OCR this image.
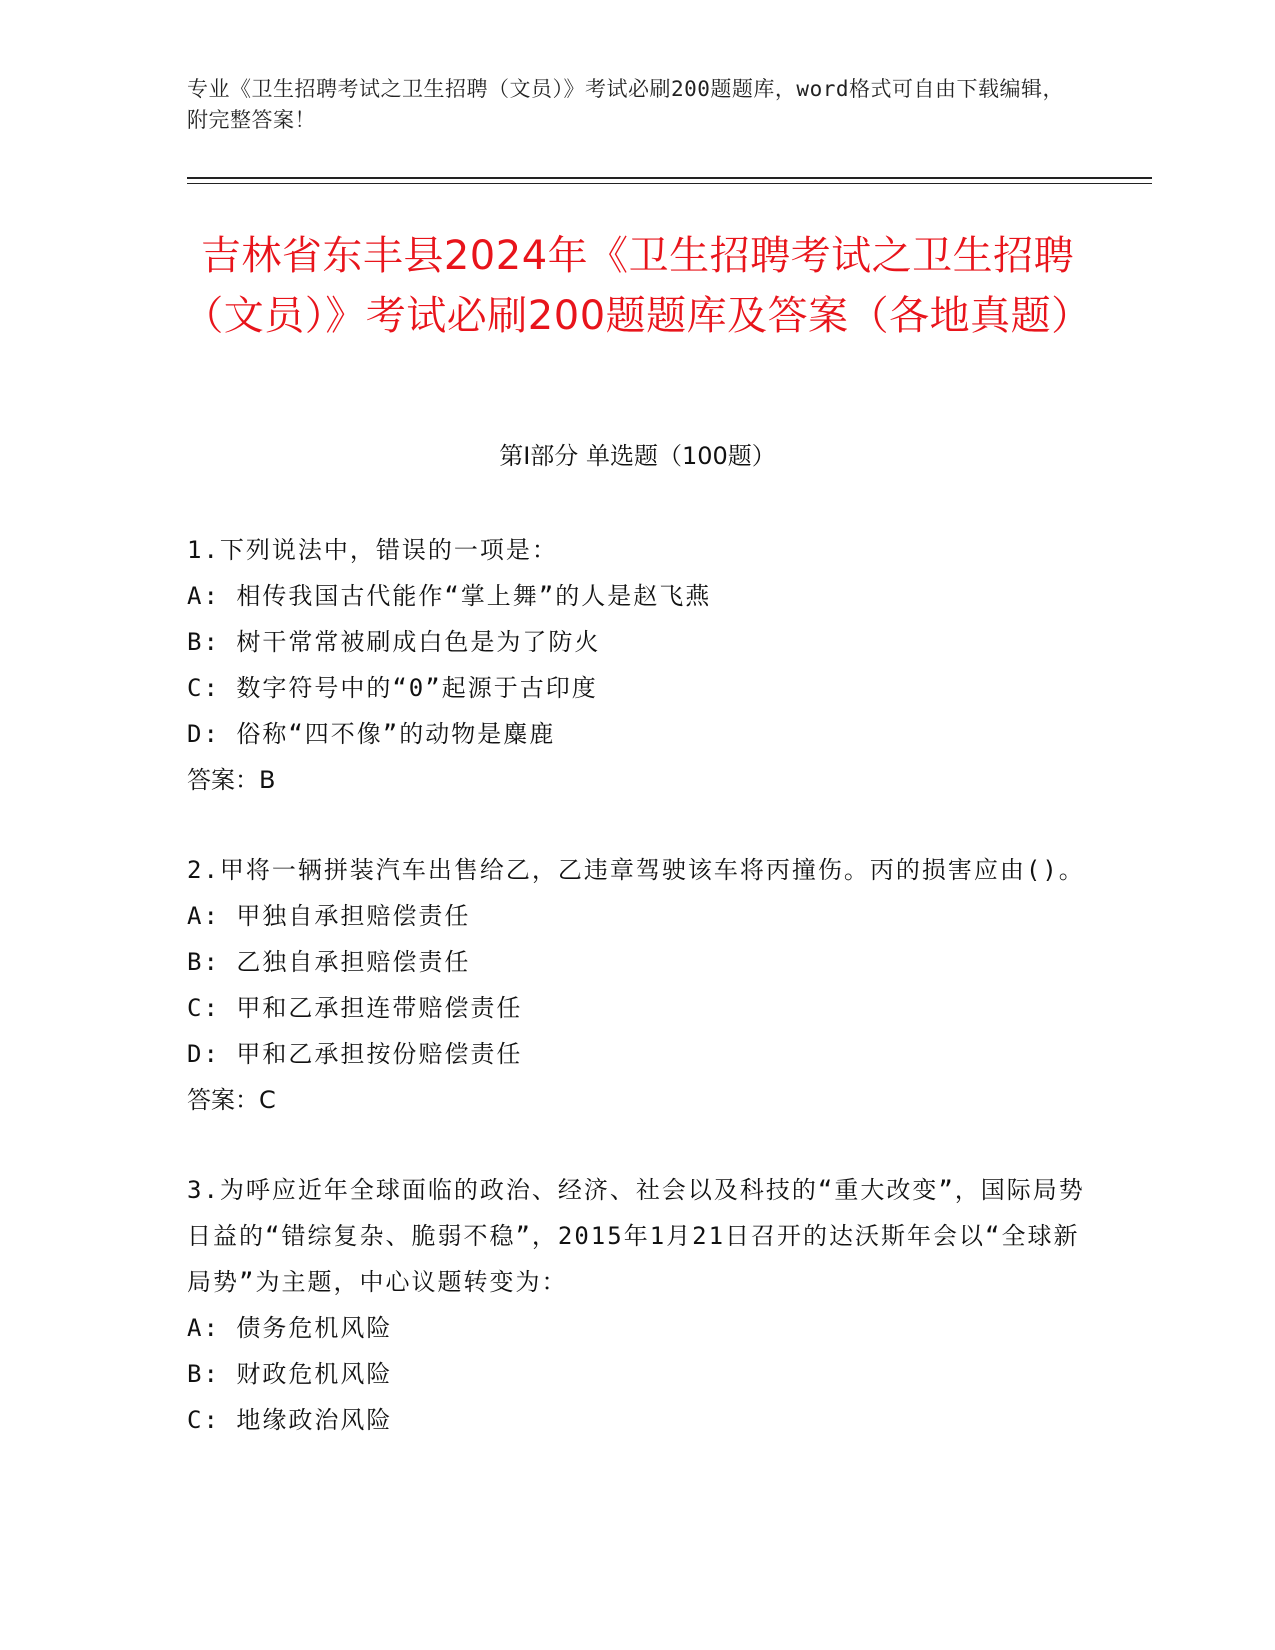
专业《卫生招聘考试之卫生招聘（文员）》考试必刷200题题库，word格式可自由下载编辑，附完整答案！
吉林省东丰县2024年《卫生招聘考试之卫生招聘（文员）》考试必刷200题题库及答案（各地真题）
第Ⅰ部分 单选题（100题）
1.下列说法中，错误的一项是：
A: 相传我国古代能作“掌上舞”的人是赵飞燕
B: 树干常常被刷成白色是为了防火
C: 数字符号中的“0”起源于古印度
D: 俗称“四不像”的动物是麋鹿
答案：B
2.甲将一辆拼装汽车出售给乙，乙违章驾驶该车将丙撞伤。丙的损害应由()。
A: 甲独自承担赔偿责任
B: 乙独自承担赔偿责任
C: 甲和乙承担连带赔偿责任
D: 甲和乙承担按份赔偿责任
答案：C
3.为呼应近年全球面临的政治、经济、社会以及科技的“重大改变”，国际局势日益的“错综复杂、脆弱不稳”，2015年1月21日召开的达沃斯年会以“全球新局势”为主题，中心议题转变为：
A: 债务危机风险
B: 财政危机风险
C: 地缘政治风险
